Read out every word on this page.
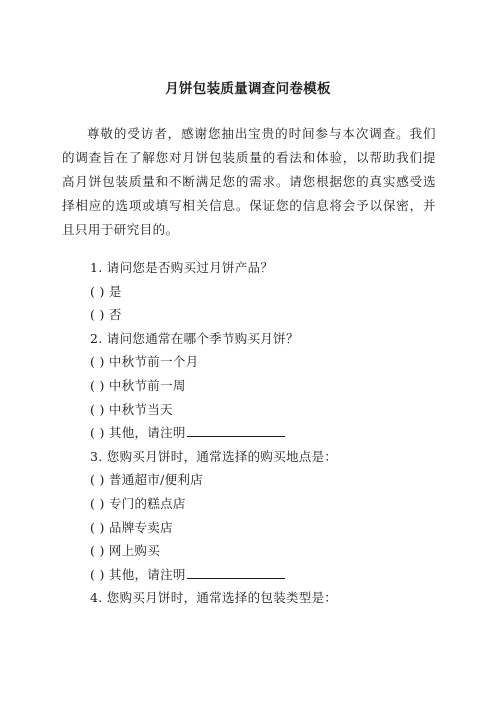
月饼包装质量调查问卷模板

尊敬的受访者，感谢您抽出宝贵的时间参与本次调查。我们的调查旨在了解您对月饼包装质量的看法和体验，以帮助我们提高月饼包装质量和不断满足您的需求。请您根据您的真实感受选择相应的选项或填写相关信息。保证您的信息将会予以保密，并且只用于研究目的。

1. 请问您是否购买过月饼产品？
( ) 是
( ) 否
2. 请问您通常在哪个季节购买月饼？
( ) 中秋节前一个月
( ) 中秋节前一周
( ) 中秋节当天
( ) 其他，请注明
3. 您购买月饼时，通常选择的购买地点是：
( ) 普通超市/便利店
( ) 专门的糕点店
( ) 品牌专卖店
( ) 网上购买
( ) 其他，请注明
4. 您购买月饼时，通常选择的包装类型是：
